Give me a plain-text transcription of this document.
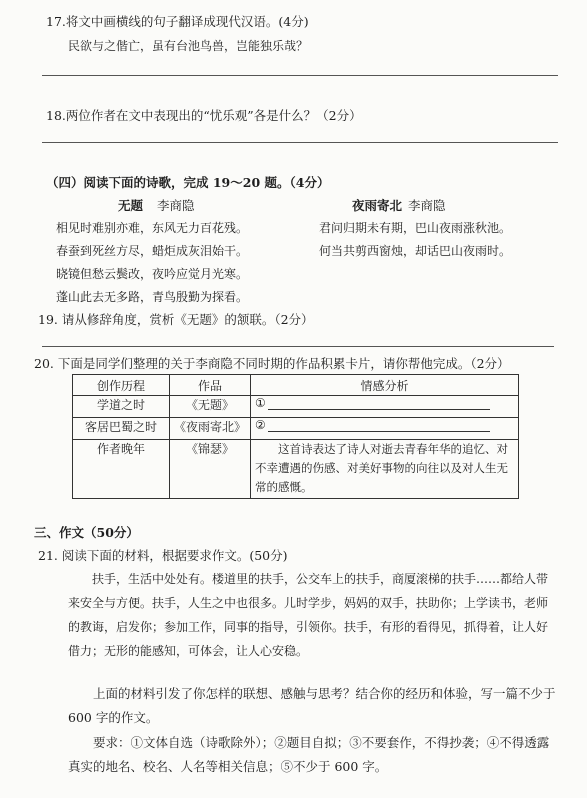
17.将文中画横线的句子翻译成现代汉语。(4分)
民欲与之偕亡，虽有台池鸟兽，岂能独乐哉？
18.两位作者在文中表现出的“忧乐观”各是什么？（2分）
（四）阅读下面的诗歌，完成 19～20 题。（4分）
无题 李商隐
相见时难别亦难，东风无力百花残。
春蚕到死丝方尽，蜡炬成灰泪始干。
晓镜但愁云鬓改，夜吟应觉月光寒。
蓬山此去无多路，青鸟殷勤为探看。
夜雨寄北 李商隐
君问归期未有期，巴山夜雨涨秋池。
何当共剪西窗烛，却话巴山夜雨时。
19. 请从修辞角度，赏析《无题》的颔联。（2分）
20. 下面是同学们整理的关于李商隐不同时期的作品积累卡片，请你帮他完成。（2分）
创作历程	作品	情感分析
学道之时	《无题》	①
客居巴蜀之时	《夜雨寄北》	②
作者晚年	《锦瑟》	这首诗表达了诗人对逝去青春年华的追忆、对不幸遭遇的伤感、对美好事物的向往以及对人生无常的感慨。

三、作文（50分）
21. 阅读下面的材料，根据要求作文。(50分)

扶手，生活中处处有。楼道里的扶手，公交车上的扶手，商厦滚梯的扶手……都给人带来安全与方便。扶手，人生之中也很多。儿时学步，妈妈的双手，扶助你；上学读书，老师的教诲，启发你；参加工作，同事的指导，引领你。扶手，有形的看得见，抓得着，让人好借力；无形的能感知，可体会，让人心安稳。

上面的材料引发了你怎样的联想、感触与思考？结合你的经历和体验，写一篇不少于 600 字的作文。

要求：①文体自选（诗歌除外）；②题目自拟；③不要套作，不得抄袭；④不得透露真实的地名、校名、人名等相关信息；⑤不少于 600 字。
